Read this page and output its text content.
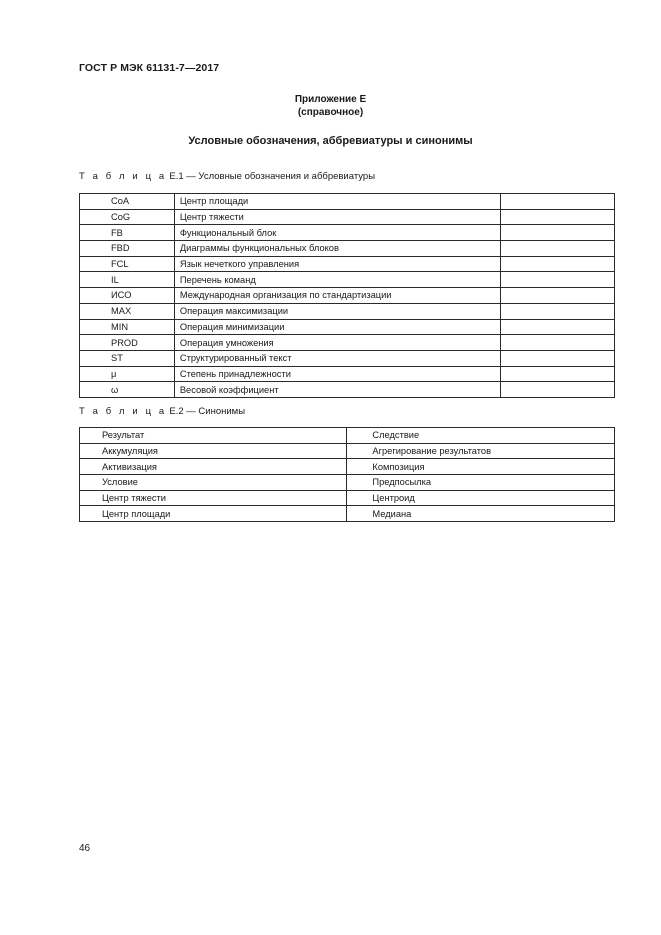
ГОСТ Р МЭК 61131-7—2017
Приложение Е
(справочное)
Условные обозначения, аббревиатуры и синонимы
Т а б л и ц а Е.1 — Условные обозначения и аббревиатуры
CoA	Центр площади	
CoG	Центр тяжести	
FB	Функциональный блок	
FBD	Диаграммы функциональных блоков	
FCL	Язык нечеткого управления	
IL	Перечень команд	
ИСО	Международная организация по стандартизации	
MAX	Операция максимизации	
MIN	Операция минимизации	
PROD	Операция умножения	
ST	Структурированный текст	
μ	Степень принадлежности	
ω	Весовой коэффициент	
Т а б л и ц а Е.2 — Синонимы
Результат	Следствие
Аккумуляция	Агрегирование результатов
Активизация	Композиция
Условие	Предпосылка
Центр тяжести	Центроид
Центр площади	Медиана
46
